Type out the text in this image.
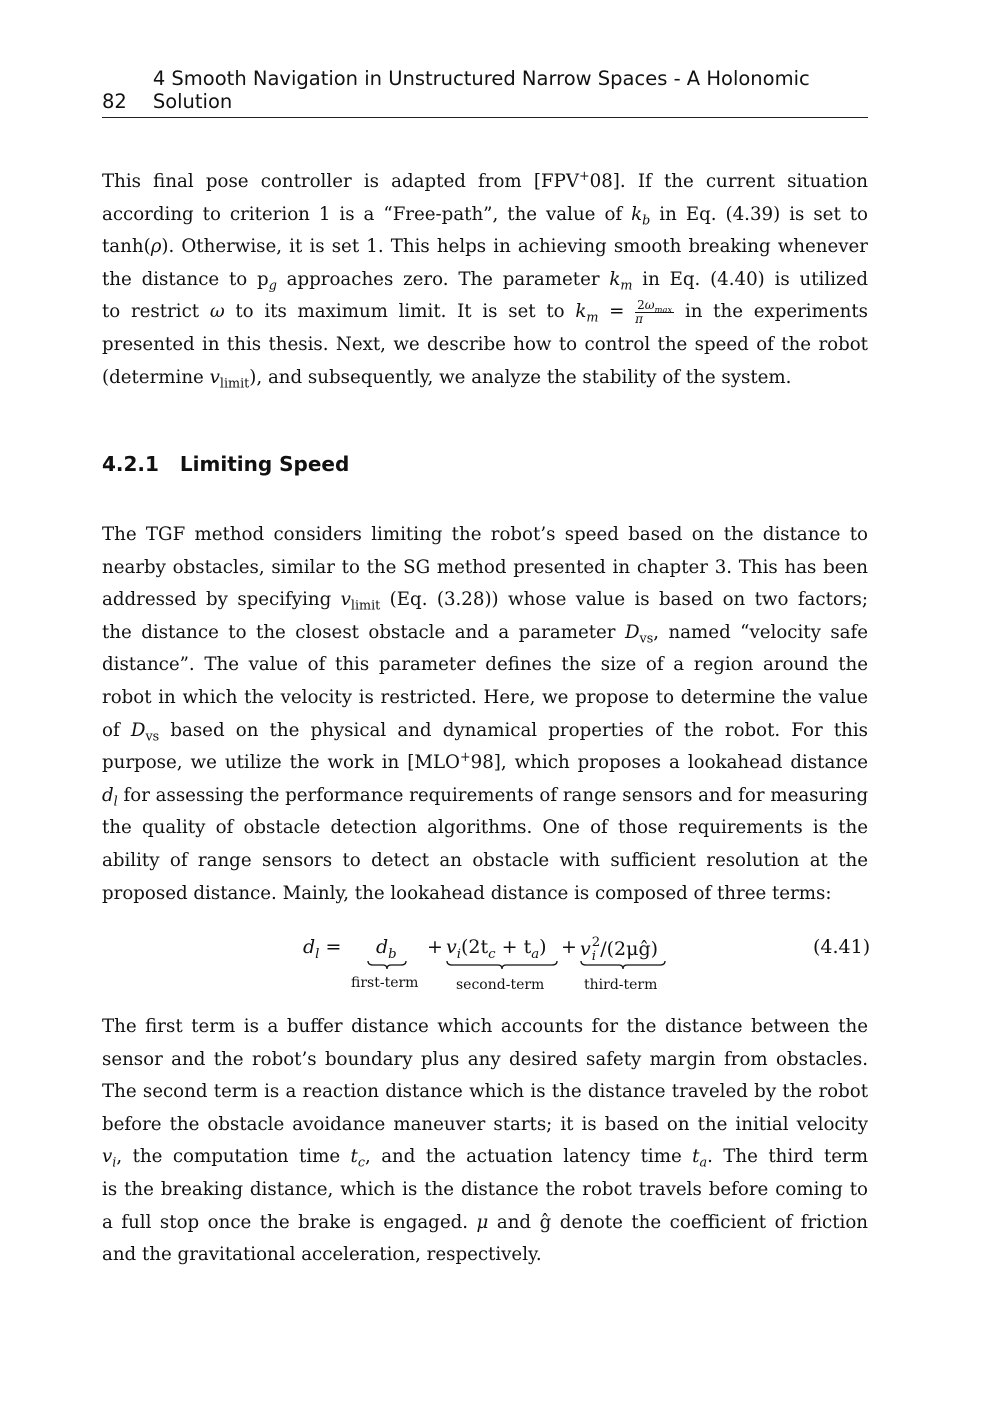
82
4 Smooth Navigation in Unstructured Narrow Spaces - A Holonomic Solution

This final pose controller is adapted from [FPV+08]. If the current situation
according to criterion 1 is a “Free-path”, the value of $k_b$ in Eq. (4.39) is set to
tanh(ρ). Otherwise, it is set 1. This helps in achieving smooth breaking whenever
the distance to $p_g$ approaches zero. The parameter $k_m$ in Eq. (4.40) is utilized
to restrict ω to its maximum limit. It is set to $k_m = \frac{2\omega_{max}}{\pi}$ in the experiments
presented in this thesis. Next, we describe how to control the speed of the robot
(determine $v_{limit}$), and subsequently, we analyze the stability of the system.

4.2.1 Limiting Speed

The TGF method considers limiting the robot’s speed based on the distance to
nearby obstacles, similar to the SG method presented in chapter 3. This has been
addressed by specifying $v_{limit}$ (Eq. (3.28)) whose value is based on two factors;
the distance to the closest obstacle and a parameter $D_{vs}$, named “velocity safe
distance”. The value of this parameter defines the size of a region around the
robot in which the velocity is restricted. Here, we propose to determine the value
of $D_{vs}$ based on the physical and dynamical properties of the robot. For this
purpose, we utilize the work in [MLO+98], which proposes a lookahead distance
$d_l$ for assessing the performance requirements of range sensors and for measuring
the quality of obstacle detection algorithms. One of those requirements is the
ability of range sensors to detect an obstacle with sufficient resolution at the
proposed distance. Mainly, the lookahead distance is composed of three terms:

$d_l = d_b + v_i(2t_c + t_a) + v$ 2
i /(2μĝ)
first-term	second-term	third-term
(4.41)

The first term is a buffer distance which accounts for the distance between the
sensor and the robot’s boundary plus any desired safety margin from obstacles.
The second term is a reaction distance which is the distance traveled by the robot
before the obstacle avoidance maneuver starts; it is based on the initial velocity
$v_i$, the computation time $t_c$, and the actuation latency time $t_a$. The third term
is the breaking distance, which is the distance the robot travels before coming to
a full stop once the brake is engaged. μ and ĝ denote the coefficient of friction
and the gravitational acceleration, respectively.
